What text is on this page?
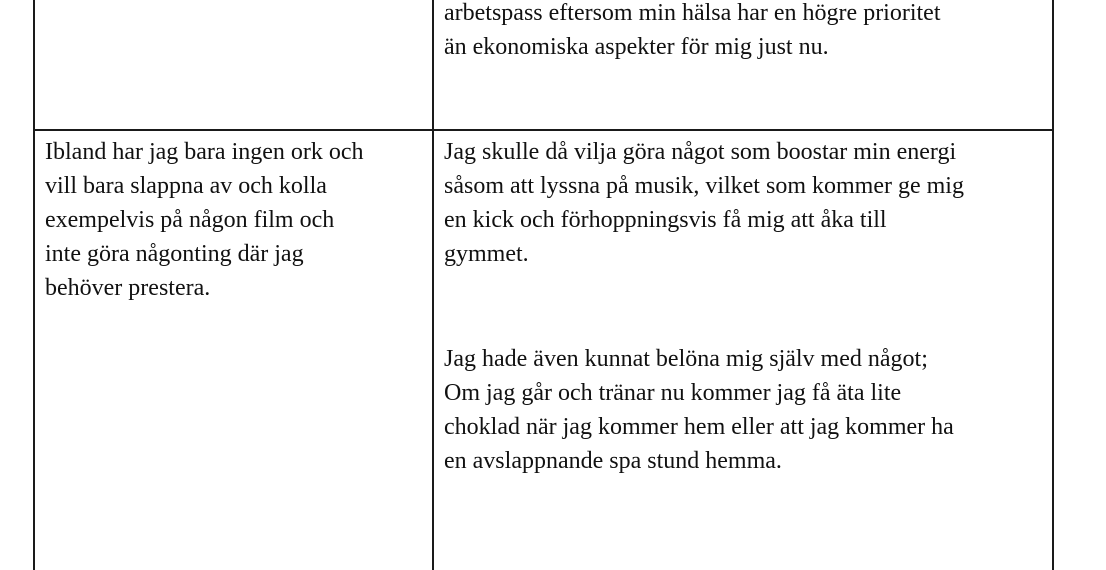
arbetspass eftersom min hälsa har en högre prioritet
än ekonomiska aspekter för mig just nu.
Ibland har jag bara ingen ork och
vill bara slappna av och kolla
exempelvis på någon film och
inte göra någonting där jag
behöver prestera.
Jag skulle då vilja göra något som boostar min energi
såsom att lyssna på musik, vilket som kommer ge mig
en kick och förhoppningsvis få mig att åka till
gymmet.
Jag hade även kunnat belöna mig själv med något;
Om jag går och tränar nu kommer jag få äta lite
choklad när jag kommer hem eller att jag kommer ha
en avslappnande spa stund hemma.
